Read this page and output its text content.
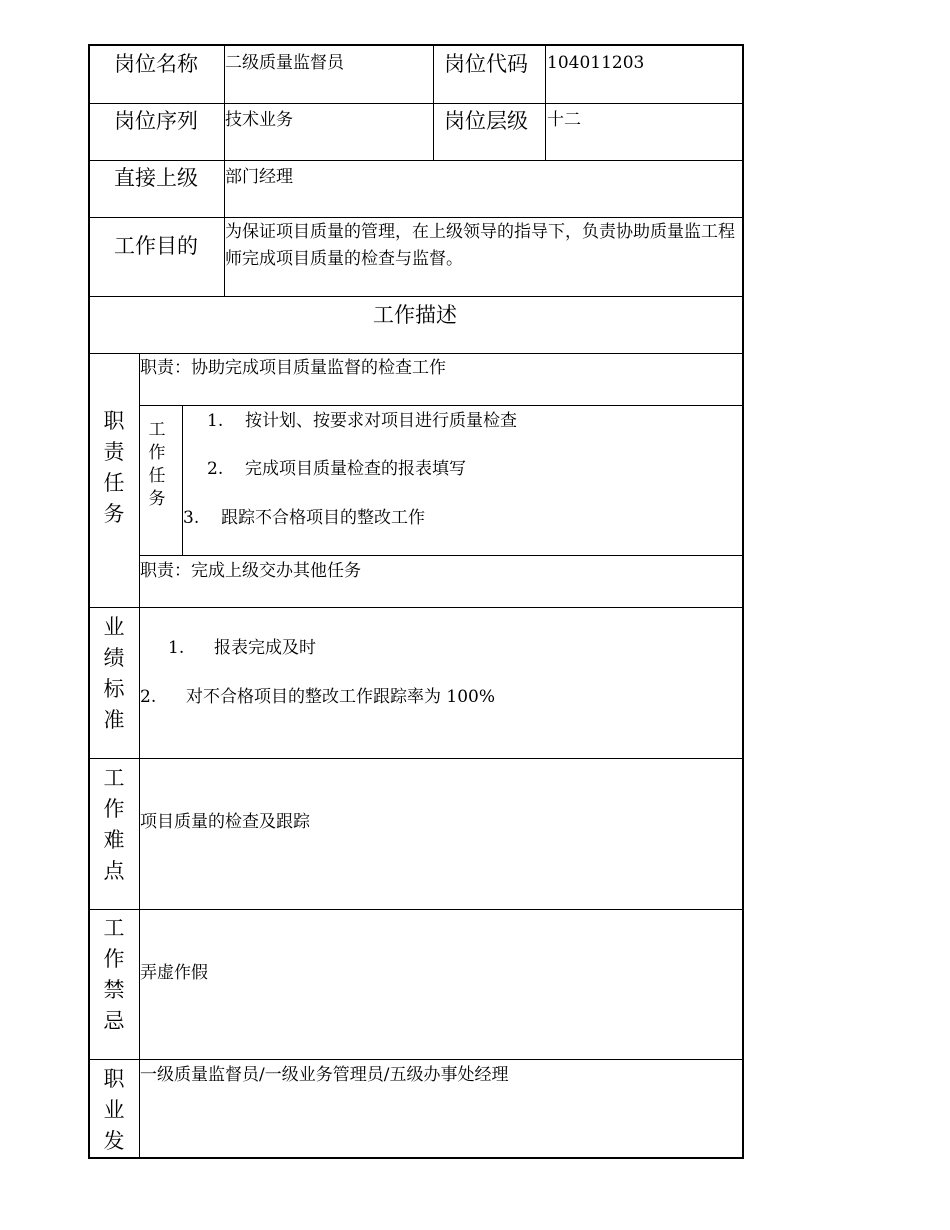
岗位名称 二级质量监督员	岗位代码 104011203
岗位序列 技术业务	岗位层级 十二
直接上级 部门经理
工作目的
为保证项目质量的管理，在上级领导的指导下，负责协助质量监工程师完成项目质量的检查与监督。
工作描述
职
责
任
务
职责：协助完成项目质量监督的检查工作
工
作
任
务
1. 按计划、按要求对项目进行质量检查
2. 完成项目质量检查的报表填写
3. 跟踪不合格项目的整改工作
职责：完成上级交办其他任务
业
绩
标
准
1. 报表完成及时
2. 对不合格项目的整改工作跟踪率为 100%
工
作
难
点
项目质量的检查及跟踪
工
作
禁
忌
弄虚作假
职
业
发
一级质量监督员/一级业务管理员/五级办事处经理
